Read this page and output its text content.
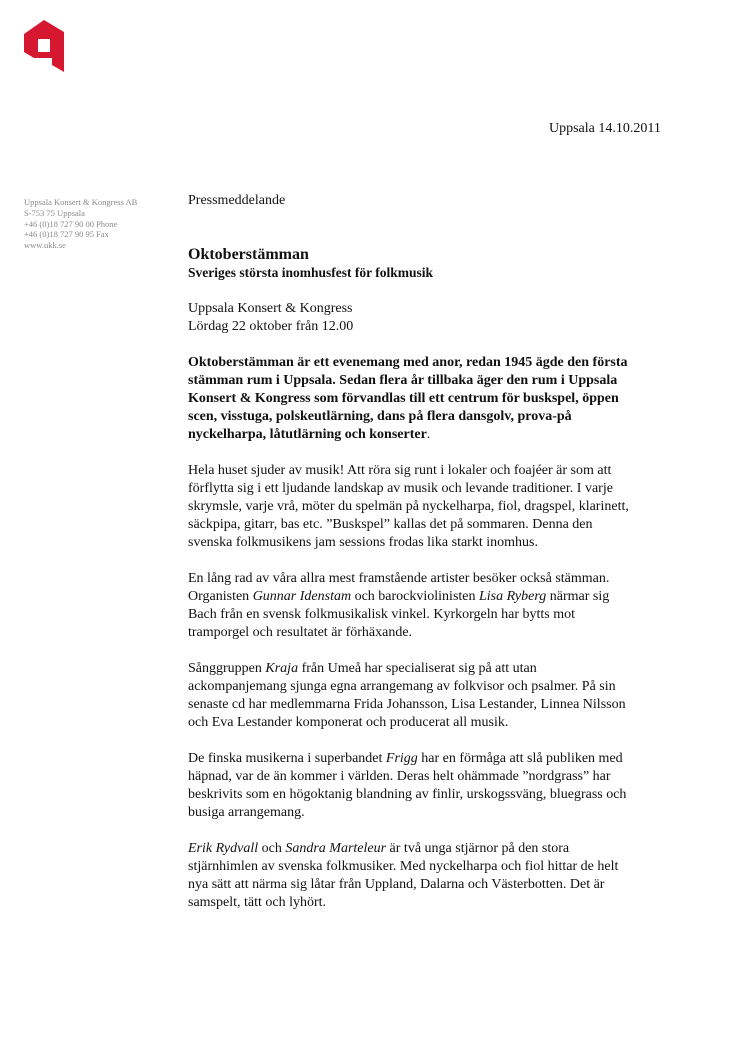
Uppsala 14.10.2011
Uppsala Konsert & Kongress AB
S-753 75 Uppsala
+46 (0)18 727 90 00 Phone
+46 (0)18 727 90 95 Fax
www.ukk.se
Pressmeddelande
Oktoberstämman
Sveriges största inomhusfest för folkmusik

Uppsala Konsert & Kongress
Lördag 22 oktober från 12.00

Oktoberstämman är ett evenemang med anor, redan 1945 ägde den första
stämman rum i Uppsala. Sedan flera år tillbaka äger den rum i Uppsala
Konsert & Kongress som förvandlas till ett centrum för buskspel, öppen
scen, visstuga, polskeutlärning, dans på flera dansgolv, prova-på
nyckelharpa, låtutlärning och konserter.

Hela huset sjuder av musik! Att röra sig runt i lokaler och foajéer är som att
förflytta sig i ett ljudande landskap av musik och levande traditioner. I varje
skrymsle, varje vrå, möter du spelmän på nyckelharpa, fiol, dragspel, klarinett,
säckpipa, gitarr, bas etc. ”Buskspel” kallas det på sommaren. Denna den
svenska folkmusikens jam sessions frodas lika starkt inomhus.

En lång rad av våra allra mest framstående artister besöker också stämman.
Organisten Gunnar Idenstam och barockviolinisten Lisa Ryberg närmar sig
Bach från en svensk folkmusikalisk vinkel. Kyrkorgeln har bytts mot
tramporgel och resultatet är förhäxande.

Sånggruppen Kraja från Umeå har specialiserat sig på att utan
ackompanjemang sjunga egna arrangemang av folkvisor och psalmer. På sin
senaste cd har medlemmarna Frida Johansson, Lisa Lestander, Linnea Nilsson
och Eva Lestander komponerat och producerat all musik.

De finska musikerna i superbandet Frigg har en förmåga att slå publiken med
häpnad, var de än kommer i världen. Deras helt ohämmade ”nordgrass” har
beskrivits som en högoktanig blandning av finlir, urskogssväng, bluegrass och
busiga arrangemang.

Erik Rydvall och Sandra Marteleur är två unga stjärnor på den stora
stjärnhimlen av svenska folkmusiker. Med nyckelharpa och fiol hittar de helt
nya sätt att närma sig låtar från Uppland, Dalarna och Västerbotten. Det är
samspelt, tätt och lyhört.
